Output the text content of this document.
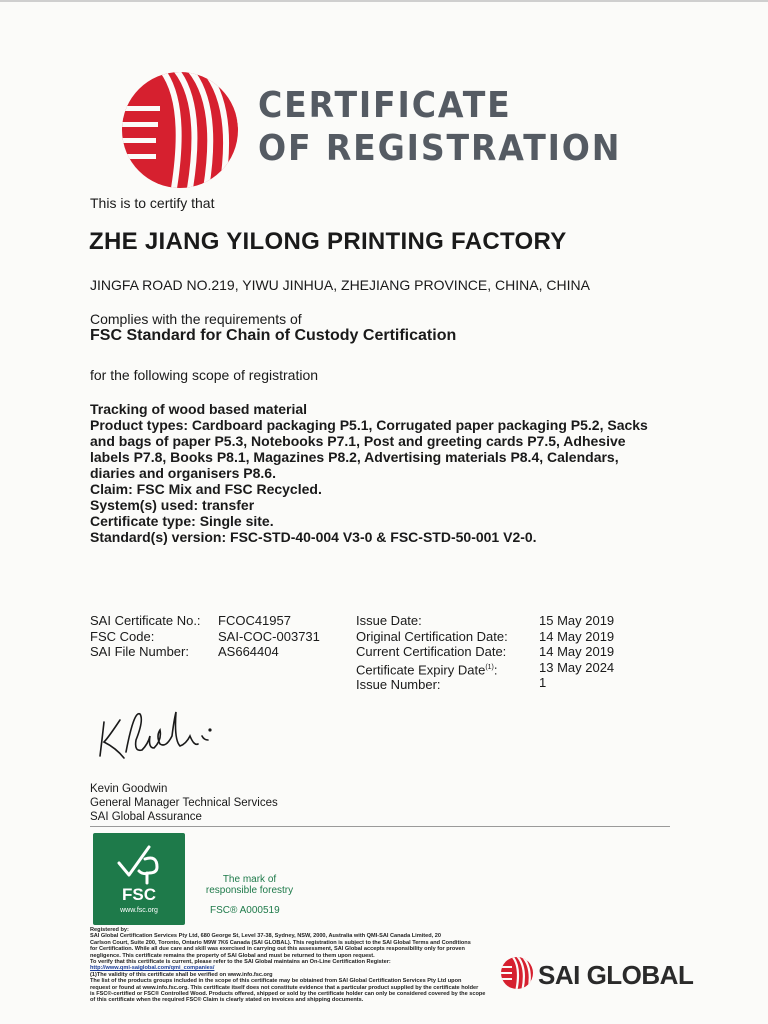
CERTIFICATE
OF REGISTRATION
This is to certify that
ZHE JIANG YILONG PRINTING FACTORY
JINGFA ROAD NO.219, YIWU JINHUA, ZHEJIANG PROVINCE, CHINA, CHINA
Complies with the requirements of
FSC Standard for Chain of Custody Certification
for the following scope of registration
Tracking of wood based material
Product types: Cardboard packaging P5.1, Corrugated paper packaging P5.2, Sacks
and bags of paper P5.3, Notebooks P7.1, Post and greeting cards P7.5, Adhesive
labels P7.8, Books P8.1, Magazines P8.2, Advertising materials P8.4, Calendars,
diaries and organisers P8.6.
Claim: FSC Mix and FSC Recycled.
System(s) used: transfer
Certificate type: Single site.
Standard(s) version: FSC-STD-40-004 V3-0 & FSC-STD-50-001 V2-0.
SAI Certificate No.:
FSC Code:
SAI File Number:
FCOC41957
SAI-COC-003731
AS664404
Issue Date:
Original Certification Date:
Current Certification Date:
Certificate Expiry Date$^{(1)}$:
Issue Number:
15 May 2019
14 May 2019
14 May 2019
13 May 2024
1
Kevin Goodwin
General Manager Technical Services
SAI Global Assurance
FSC
www.fsc.org
The mark of
responsible forestry
FSC® A000519
Registered by:
SAI Global Certification Services Pty Ltd, 680 George St, Level 37-38, Sydney, NSW, 2000, Australia with QMI-SAI Canada Limited, 20
Carlson Court, Suite 200, Toronto, Ontario M9W 7K6 Canada (SAI GLOBAL). This registration is subject to the SAI Global Terms and Conditions
for Certification. While all due care and skill was exercised in carrying out this assessment, SAI Global accepts responsibility only for proven
negligence. This certificate remains the property of SAI Global and must be returned to them upon request.
To verify that this certificate is current, please refer to the SAI Global maintains an On-Line Certification Register:
http://www.qmi-saiglobal.com/qmi_companies/
(1)The validity of this certificate shall be verified on www.info.fsc.org
The list of the products groups included in the scope of this certificate may be obtained from SAI Global Certification Services Pty Ltd upon
request or found at www.info.fsc.org. This certificate itself does not constitute evidence that a particular product supplied by the certificate holder
is FSC®-certified or FSC® Controlled Wood. Products offered, shipped or sold by the certificate holder can only be considered covered by the scope
of this certificate when the required FSC® Claim is clearly stated on invoices and shipping documents.
SAI GLOBAL
